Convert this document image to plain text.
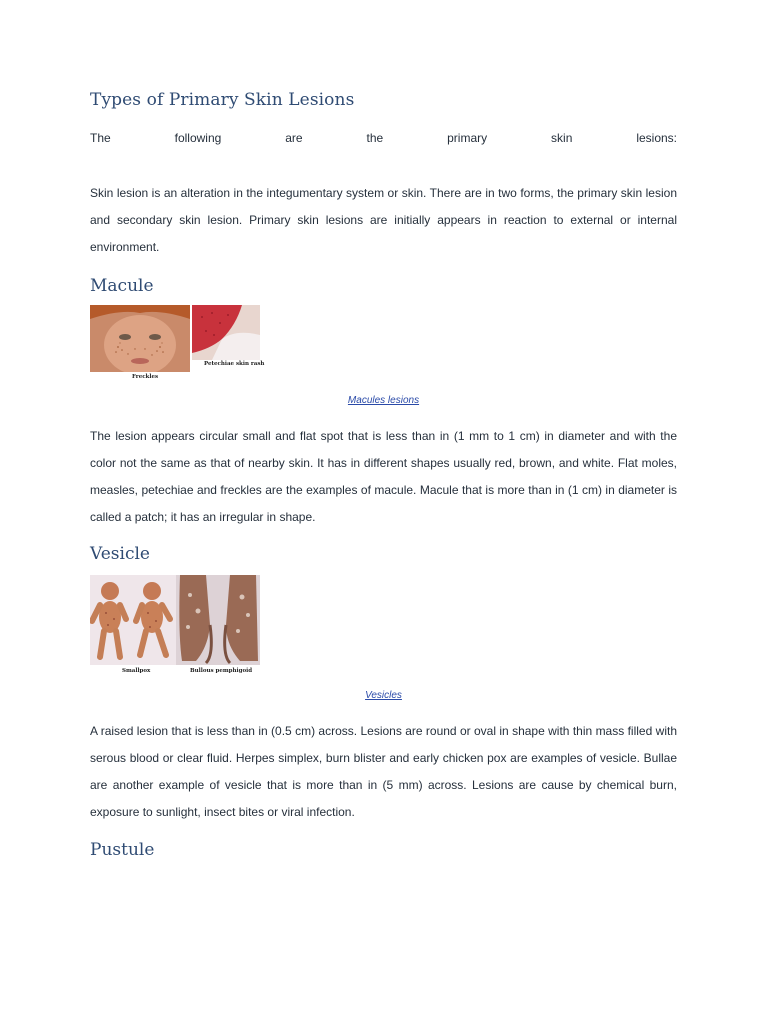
Types of Primary Skin Lesions
The	following	are	the	primary	skin	lesions:

Skin lesion is an alteration in the integumentary system or skin. There are in two forms, the primary skin lesion and secondary skin lesion. Primary skin lesions are initially appears in reaction to external or internal environment.

Macule
Freckles
Petechiae skin rash
Macules lesions

The lesion appears circular small and flat spot that is less than in (1 mm to 1 cm) in diameter and with the color not the same as that of nearby skin. It has in different shapes usually red, brown, and white. Flat moles, measles, petechiae and freckles are the examples of macule. Macule that is more than in (1 cm) in diameter is called a patch; it has an irregular in shape.

Vesicle
Smallpox	Bullous pemphigoid
Vesicles

A raised lesion that is less than in (0.5 cm) across. Lesions are round or oval in shape with thin mass filled with serous blood or clear fluid. Herpes simplex, burn blister and early chicken pox are examples of vesicle. Bullae are another example of vesicle that is more than in (5 mm) across. Lesions are cause by chemical burn, exposure to sunlight, insect bites or viral infection.

Pustule
